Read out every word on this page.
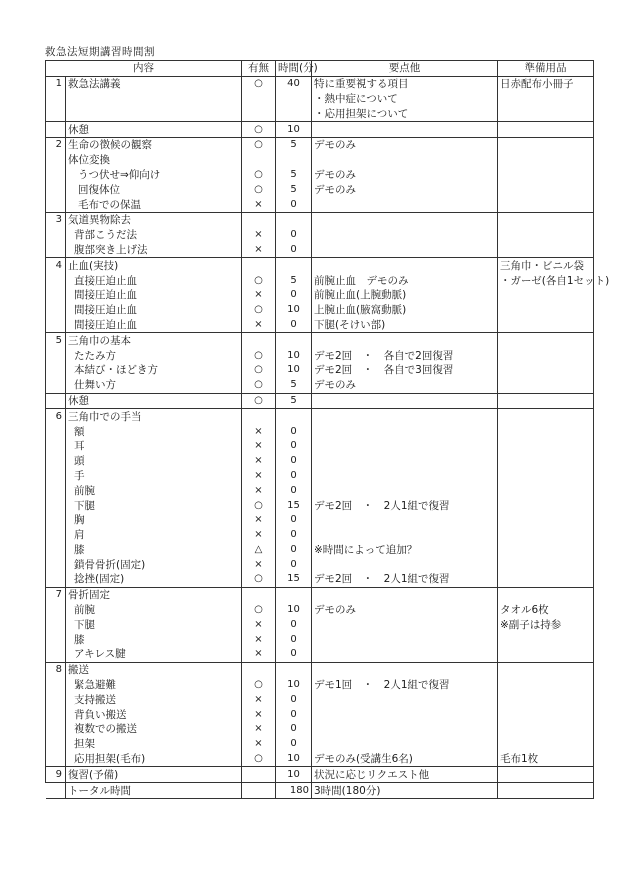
救急法短期講習時間割
内容		有無	時間(分)	要点他	準備用品
1	救急法講義	○	40	特に重要視する項目	日赤配布小冊子
				・熱中症について	
				・応用担架について	
	休憩	○	10		
2	生命の徴候の観察	○	5	デモのみ	
	体位変換				
	うつ伏せ⇒仰向け	○	5	デモのみ	
	回復体位	○	5	デモのみ	
	毛布での保温	×	0		
3	気道異物除去				
	背部こうだ法	×	0		
	腹部突き上げ法	×	0		
4	止血(実技)				三角巾・ビニル袋
	直接圧迫止血	○	5	前腕止血　デモのみ	・ガーゼ(各自1セット)
	間接圧迫止血	×	0	前腕止血(上腕動脈)	
	間接圧迫止血	○	10	上腕止血(腋窩動脈)	
	間接圧迫止血	×	0	下腿(そけい部)	
5	三角巾の基本				
	たたみ方	○	10	デモ2回　・　各自で2回復習	
	本結び・ほどき方	○	10	デモ2回　・　各自で3回復習	
	仕舞い方	○	5	デモのみ	
	休憩	○	5		
6	三角巾での手当				
	額	×	0		
	耳	×	0		
	頭	×	0		
	手	×	0		
	前腕	×	0		
	下腿	○	15	デモ2回　・　2人1組で復習	
	胸	×	0		
	肩	×	0		
	膝	△	0	※時間によって追加？	
	鎖骨骨折(固定)	×	0		
	捻挫(固定)	○	15	デモ2回　・　2人1組で復習	
7	骨折固定				
	前腕	○	10	デモのみ	タオル6枚
	下腿	×	0		※副子は持参
	膝	×	0		
	アキレス腱	×	0		
8	搬送				
	緊急避難	○	10	デモ1回　・　2人1組で復習	
	支持搬送	×	0		
	背負い搬送	×	0		
	複数での搬送	×	0		
	担架	×	0		
	応用担架(毛布)	○	10	デモのみ(受講生6名)	毛布1枚
9	復習(予備)		10	状況に応じリクエスト他	
	トータル時間		180	3時間(180分)	
